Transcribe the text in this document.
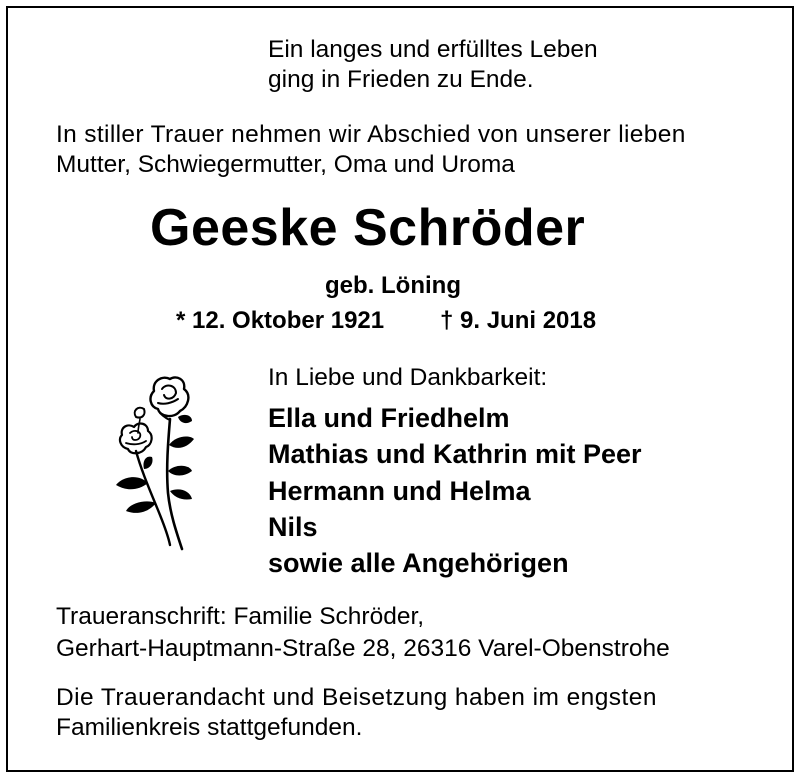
Ein langes und erfülltes Leben
ging in Frieden zu Ende.
In stiller Trauer nehmen wir Abschied von unserer lieben
Mutter, Schwiegermutter, Oma und Uroma
Geeske Schröder
geb. Löning
* 12. Oktober 1921 † 9. Juni 2018
In Liebe und Dankbarkeit:
Ella und Friedhelm
Mathias und Kathrin mit Peer
Hermann und Helma
Nils
sowie alle Angehörigen
Traueranschrift: Familie Schröder,
Gerhart-Hauptmann-Straße 28, 26316 Varel-Obenstrohe
Die Trauerandacht und Beisetzung haben im engsten
Familienkreis stattgefunden.
